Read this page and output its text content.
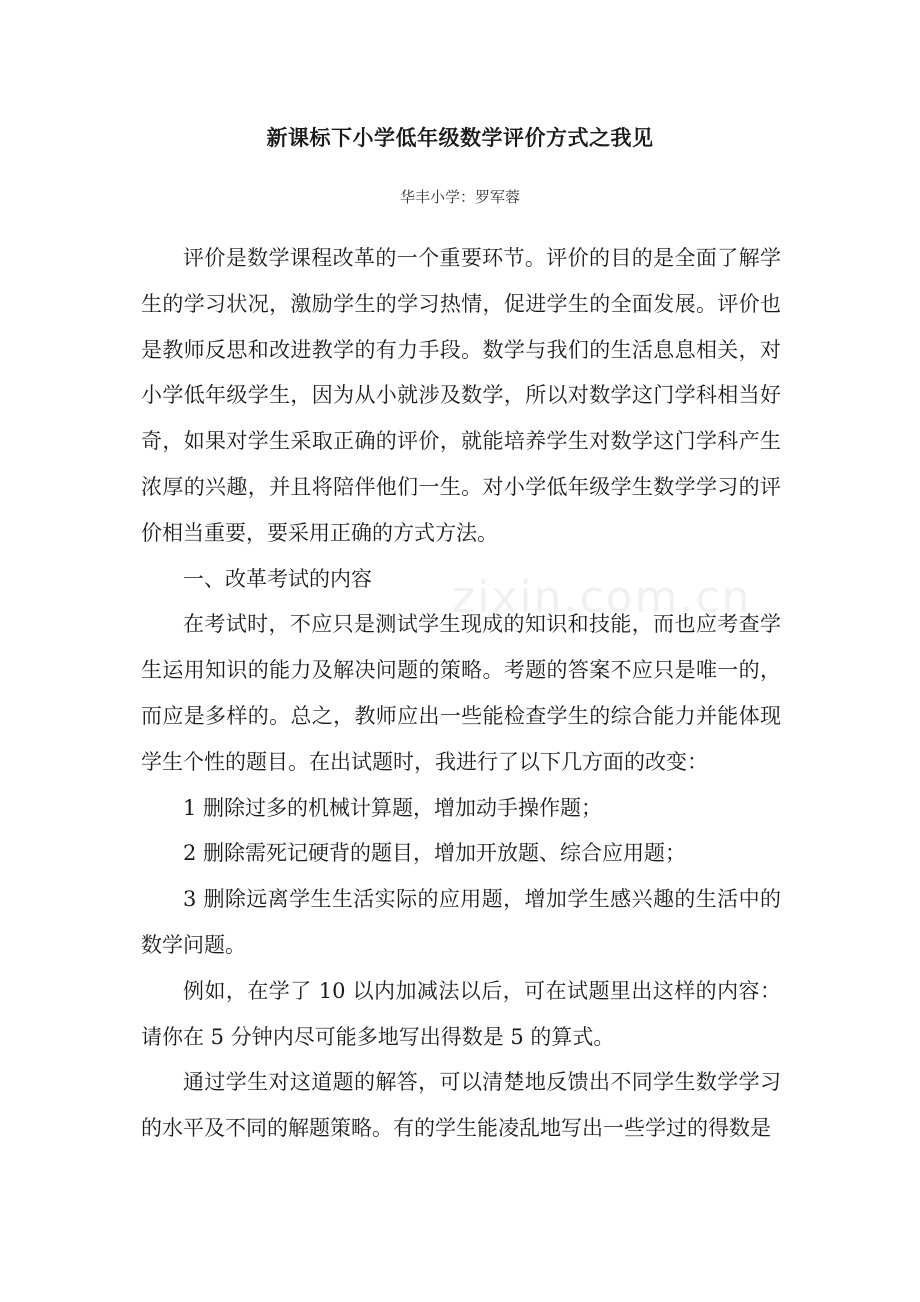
新课标下小学低年级数学评价方式之我见
华丰小学：罗军蓉

评价是数学课程改革的一个重要环节。评价的目的是全面了解学生的学习状况，激励学生的学习热情，促进学生的全面发展。评价也是教师反思和改进教学的有力手段。数学与我们的生活息息相关，对小学低年级学生，因为从小就涉及数学，所以对数学这门学科相当好奇，如果对学生采取正确的评价，就能培养学生对数学这门学科产生浓厚的兴趣，并且将陪伴他们一生。对小学低年级学生数学学习的评价相当重要，要采用正确的方式方法。

一、改革考试的内容

在考试时，不应只是测试学生现成的知识和技能，而也应考查学生运用知识的能力及解决问题的策略。考题的答案不应只是唯一的，而应是多样的。总之，教师应出一些能检查学生的综合能力并能体现学生个性的题目。在出试题时，我进行了以下几方面的改变：

1 删除过多的机械计算题，增加动手操作题；

2 删除需死记硬背的题目，增加开放题、综合应用题；

3 删除远离学生生活实际的应用题，增加学生感兴趣的生活中的数学问题。

例如，在学了 10 以内加减法以后，可在试题里出这样的内容：请你在 5 分钟内尽可能多地写出得数是 5 的算式。

通过学生对这道题的解答，可以清楚地反馈出不同学生数学学习的水平及不同的解题策略。有的学生能凌乱地写出一些学过的得数是

zixin.com.cn
